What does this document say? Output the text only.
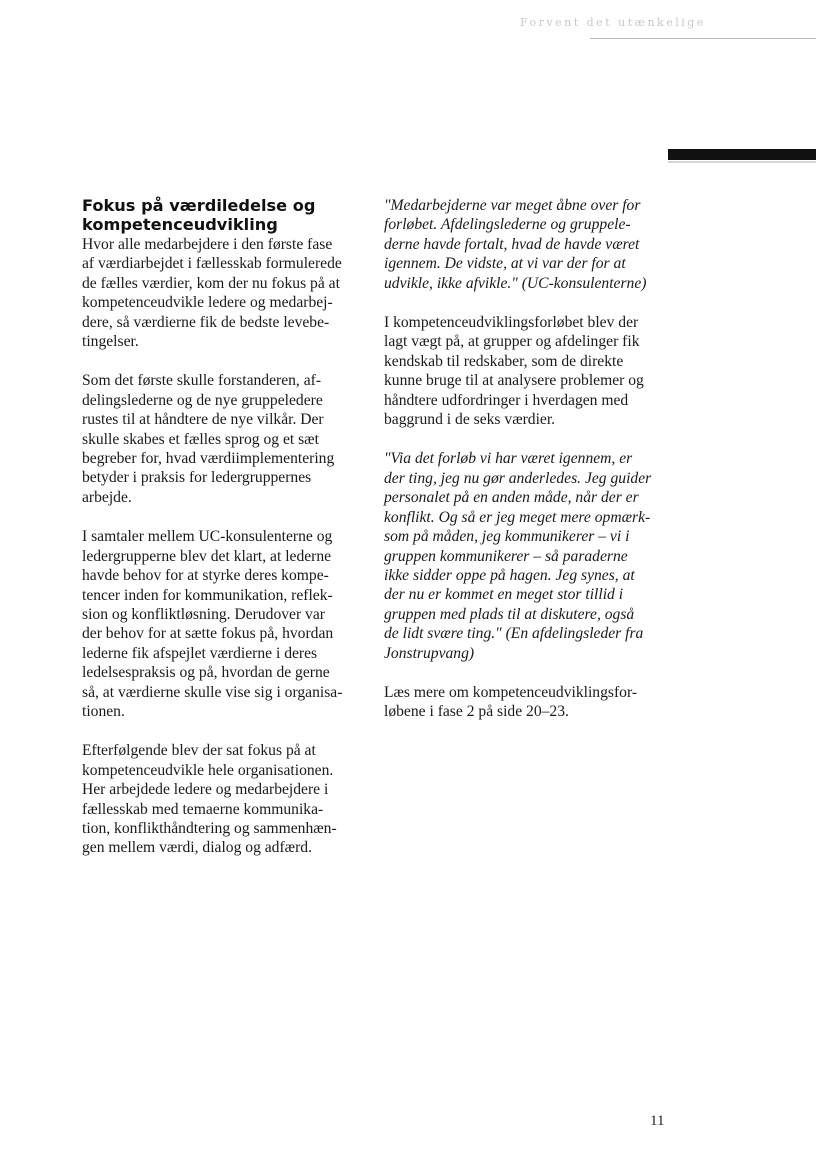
Forvent det utænkelige
Fokus på værdiledelse og kompetenceudvikling

Hvor alle medarbejdere i den første fase
af værdiarbejdet i fællesskab formulerede
de fælles værdier, kom der nu fokus på at
kompetenceudvikle ledere og medarbej-
dere, så værdierne fik de bedste levebe-
tingelser.

Som det første skulle forstanderen, af-
delingslederne og de nye gruppeledere
rustes til at håndtere de nye vilkår. Der
skulle skabes et fælles sprog og et sæt
begreber for, hvad værdiimplementering
betyder i praksis for ledergruppernes
arbejde.

I samtaler mellem UC-konsulenterne og
ledergrupperne blev det klart, at lederne
havde behov for at styrke deres kompe-
tencer inden for kommunikation, reflek-
sion og konfliktløsning. Derudover var
der behov for at sætte fokus på, hvordan
lederne fik afspejlet værdierne i deres
ledelsespraksis og på, hvordan de gerne
så, at værdierne skulle vise sig i organisa-
tionen.

Efterfølgende blev der sat fokus på at
kompetenceudvikle hele organisationen.
Her arbejdede ledere og medarbejdere i
fællesskab med temaerne kommunika-
tion, konflikthåndtering og sammenhæn-
gen mellem værdi, dialog og adfærd.

"Medarbejderne var meget åbne over for
forløbet. Afdelingslederne og gruppele-
derne havde fortalt, hvad de havde været
igennem. De vidste, at vi var der for at
udvikle, ikke afvikle." (UC-konsulenterne)

I kompetenceudviklingsforløbet blev der
lagt vægt på, at grupper og afdelinger fik
kendskab til redskaber, som de direkte
kunne bruge til at analysere problemer og
håndtere udfordringer i hverdagen med
baggrund i de seks værdier.

"Via det forløb vi har været igennem, er
der ting, jeg nu gør anderledes. Jeg guider
personalet på en anden måde, når der er
konflikt. Og så er jeg meget mere opmærk-
som på måden, jeg kommunikerer – vi i
gruppen kommunikerer – så paraderne
ikke sidder oppe på hagen. Jeg synes, at
der nu er kommet en meget stor tillid i
gruppen med plads til at diskutere, også
de lidt svære ting." (En afdelingsleder fra
Jonstrupvang)

Læs mere om kompetenceudviklingsfor-
løbene i fase 2 på side 20–23.

11
